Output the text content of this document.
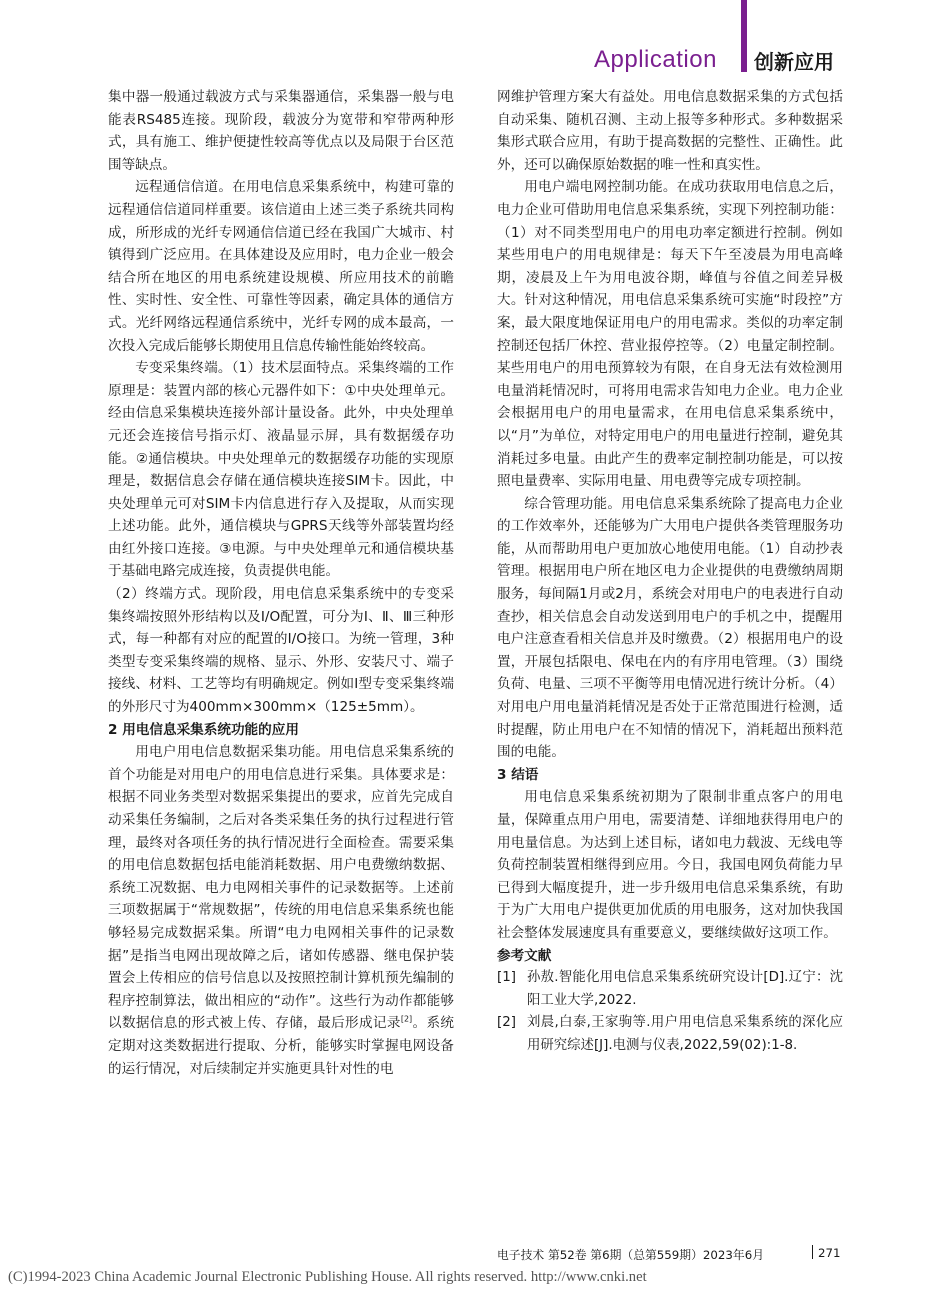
Application 创新应用

集中器一般通过载波方式与采集器通信，采集器一般与电能表RS485连接。现阶段，载波分为宽带和窄带两种形式，具有施工、维护便捷性较高等优点以及局限于台区范围等缺点。

远程通信信道。在用电信息采集系统中，构建可靠的远程通信信道同样重要。该信道由上述三类子系统共同构成，所形成的光纤专网通信信道已经在我国广大城市、村镇得到广泛应用。在具体建设及应用时，电力企业一般会结合所在地区的用电系统建设规模、所应用技术的前瞻性、实时性、安全性、可靠性等因素，确定具体的通信方式。光纤网络远程通信系统中，光纤专网的成本最高，一次投入完成后能够长期使用且信息传输性能始终较高。

专变采集终端。（1）技术层面特点。采集终端的工作原理是：装置内部的核心元器件如下：①中央处理单元。经由信息采集模块连接外部计量设备。此外，中央处理单元还会连接信号指示灯、液晶显示屏，具有数据缓存功能。②通信模块。中央处理单元的数据缓存功能的实现原理是，数据信息会存储在通信模块连接SIM卡。因此，中央处理单元可对SIM卡内信息进行存入及提取，从而实现上述功能。此外，通信模块与GPRS天线等外部装置均经由红外接口连接。③电源。与中央处理单元和通信模块基于基础电路完成连接，负责提供电能。

（2）终端方式。现阶段，用电信息采集系统中的专变采集终端按照外形结构以及I/O配置，可分为Ⅰ、Ⅱ、Ⅲ三种形式，每一种都有对应的配置的I/O接口。为统一管理，3种类型专变采集终端的规格、显示、外形、安装尺寸、端子接线、材料、工艺等均有明确规定。例如Ⅰ型专变采集终端的外形尺寸为400mm×300mm×（125±5mm）。

2 用电信息采集系统功能的应用

用电户用电信息数据采集功能。用电信息采集系统的首个功能是对用电户的用电信息进行采集。具体要求是：根据不同业务类型对数据采集提出的要求，应首先完成自动采集任务编制，之后对各类采集任务的执行过程进行管理，最终对各项任务的执行情况进行全面检查。需要采集的用电信息数据包括电能消耗数据、用户电费缴纳数据、系统工况数据、电力电网相关事件的记录数据等。上述前三项数据属于“常规数据”，传统的用电信息采集系统也能够轻易完成数据采集。所谓“电力电网相关事件的记录数据”是指当电网出现故障之后，诸如传感器、继电保护装置会上传相应的信号信息以及按照控制计算机预先编制的程序控制算法，做出相应的“动作”。这些行为动作都能够以数据信息的形式被上传、存储，最后形成记录[2]。系统定期对这类数据进行提取、分析，能够实时掌握电网设备的运行情况，对后续制定并实施更具针对性的电

网维护管理方案大有益处。用电信息数据采集的方式包括自动采集、随机召测、主动上报等多种形式。多种数据采集形式联合应用，有助于提高数据的完整性、正确性。此外，还可以确保原始数据的唯一性和真实性。

用电户端电网控制功能。在成功获取用电信息之后，电力企业可借助用电信息采集系统，实现下列控制功能：（1）对不同类型用电户的用电功率定额进行控制。例如某些用电户的用电规律是：每天下午至凌晨为用电高峰期，凌晨及上午为用电波谷期，峰值与谷值之间差异极大。针对这种情况，用电信息采集系统可实施“时段控”方案，最大限度地保证用电户的用电需求。类似的功率定制控制还包括厂休控、营业报停控等。（2）电量定制控制。某些用电户的用电预算较为有限，在自身无法有效检测用电量消耗情况时，可将用电需求告知电力企业。电力企业会根据用电户的用电量需求，在用电信息采集系统中，以“月”为单位，对特定用电户的用电量进行控制，避免其消耗过多电量。由此产生的费率定制控制功能是，可以按照电量费率、实际用电量、用电费等完成专项控制。

综合管理功能。用电信息采集系统除了提高电力企业的工作效率外，还能够为广大用电户提供各类管理服务功能，从而帮助用电户更加放心地使用电能。（1）自动抄表管理。根据用电户所在地区电力企业提供的电费缴纳周期服务，每间隔1月或2月，系统会对用电户的电表进行自动查抄，相关信息会自动发送到用电户的手机之中，提醒用电户注意查看相关信息并及时缴费。（2）根据用电户的设置，开展包括限电、保电在内的有序用电管理。（3）围绕负荷、电量、三项不平衡等用电情况进行统计分析。（4）对用电户用电量消耗情况是否处于正常范围进行检测，适时提醒，防止用电户在不知情的情况下，消耗超出预料范围的电能。

3 结语

用电信息采集系统初期为了限制非重点客户的用电量，保障重点用户用电，需要清楚、详细地获得用电户的用电量信息。为达到上述目标，诸如电力载波、无线电等负荷控制装置相继得到应用。今日，我国电网负荷能力早已得到大幅度提升，进一步升级用电信息采集系统，有助于为广大用电户提供更加优质的用电服务，这对加快我国社会整体发展速度具有重要意义，要继续做好这项工作。

参考文献
[1] 孙敖.智能化用电信息采集系统研究设计[D].辽宁：沈阳工业大学,2022.
[2] 刘晨,白泰,王家驹等.用户用电信息采集系统的深化应用研究综述[J].电测与仪表,2022,59(02):1-8.
电子技术 第52卷 第6期（总第559期）2023年6月	271
(C)1994-2023 China Academic Journal Electronic Publishing House. All rights reserved. http://www.cnki.net
